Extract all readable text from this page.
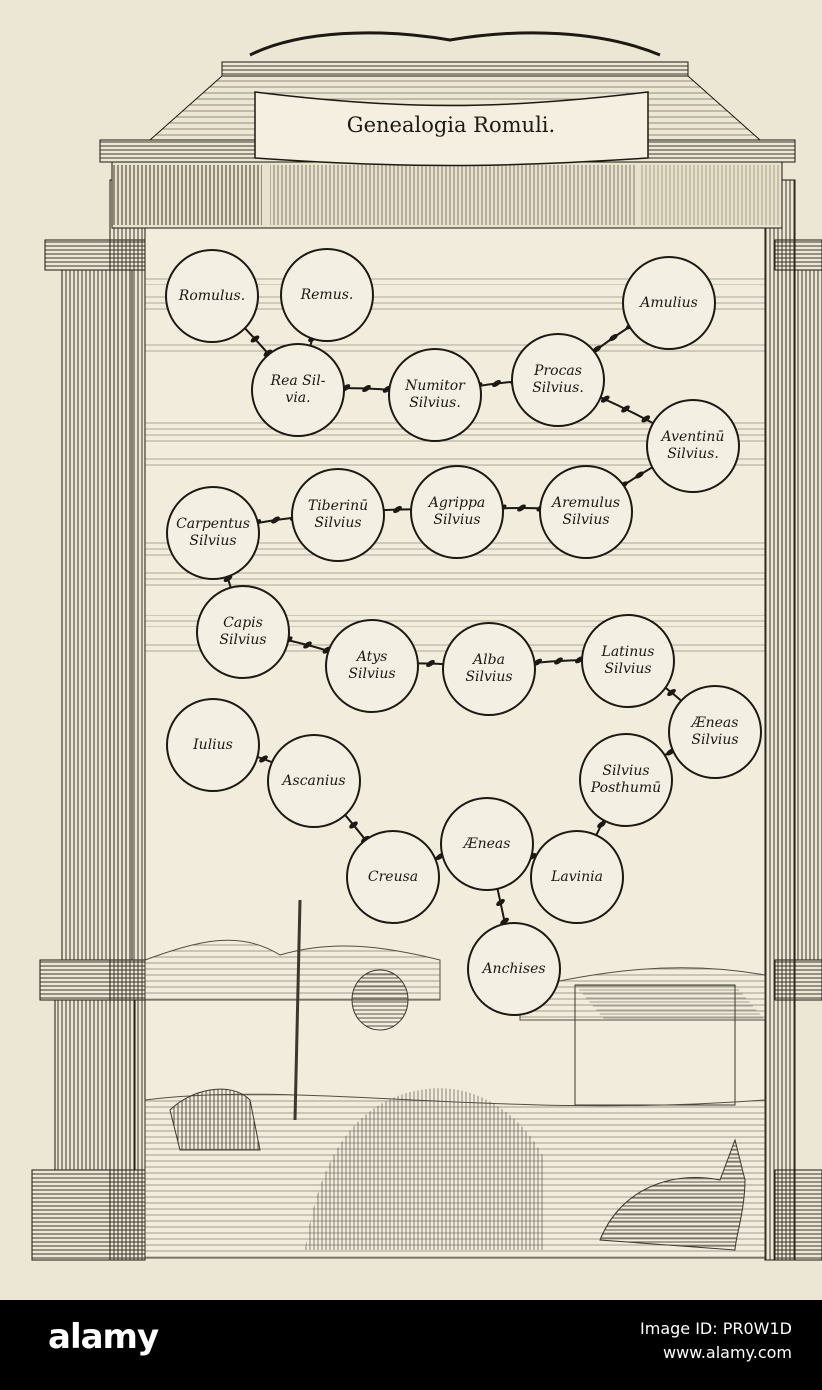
Genealogia Romuli.
Romulus.	Remus.	Amulius
Rea Sil-
via.
Numitor
Silvius.
Procas
Silvius.
Aventinū
Silvius.
Carpentus
Silvius
Tiberinū
Silvius
Agrippa
Silvius
Aremulus
Silvius
Capis
Silvius
Atys
Silvius
Alba
Silvius
Latinus
Silvius
Æneas
Silvius
Iulius
Ascanius
Silvius
Posthumū
Creusa
Æneas
Lavinia
Anchises
alamy	Image ID: PR0W1D
www.alamy.com
